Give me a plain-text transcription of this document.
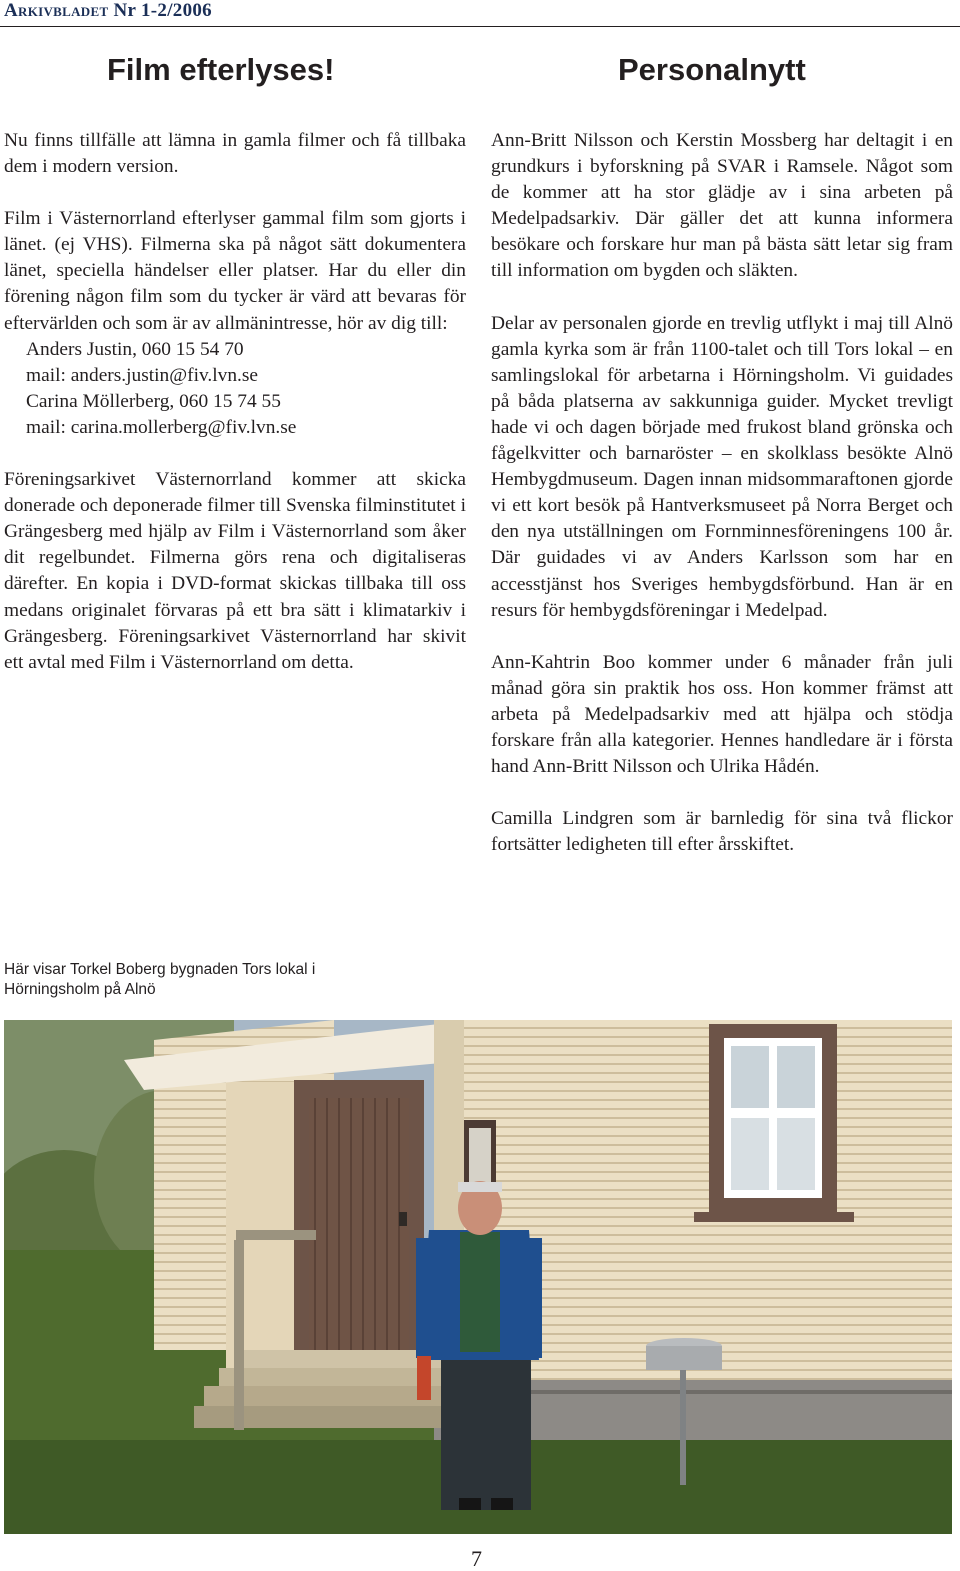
Arkivbladet Nr 1-2/2006
Film efterlyses!	Personalnytt

Nu finns tillfälle att lämna in gamla filmer och få tillbaka dem i modern version.

Film i Västernorrland efterlyser gammal film som gjorts i länet. (ej VHS). Filmerna ska på något sätt dokumentera länet, speciella händelser eller platser. Har du eller din förening någon film som du tycker är värd att bevaras för eftervärlden och som är av allmänintresse, hör av dig till:

Anders Justin, 060 15 54 70

mail: anders.justin@fiv.lvn.se

Carina Möllerberg, 060 15 74 55

mail: carina.mollerberg@fiv.lvn.se

Föreningsarkivet Västernorrland kommer att skicka donerade och deponerade filmer till Svenska filminstitutet i Grängesberg med hjälp av Film i Västernorrland som åker dit regelbundet. Filmerna görs rena och digitaliseras därefter. En kopia i DVD-format skickas tillbaka till oss medans originalet förvaras på ett bra sätt i klimatarkiv i Grängesberg. Föreningsarkivet Västernorrland har skivit ett avtal med Film i Västernorrland om detta.

Ann-Britt Nilsson och Kerstin Mossberg har deltagit i en grundkurs i byforskning på SVAR i Ramsele. Något som de kommer att ha stor glädje av i sina arbeten på Medelpadsarkiv. Där gäller det att kunna informera besökare och forskare hur man på bästa sätt letar sig fram till information om bygden och släkten.

Delar av personalen gjorde en trevlig utflykt i maj till Alnö gamla kyrka som är från 1100-talet och till Tors lokal – en samlingslokal för arbetarna i Hörningsholm. Vi guidades på båda platserna av sakkunniga guider. Mycket trevligt hade vi och dagen började med frukost bland grönska och fågelkvitter och barnaröster – en skolklass besökte Alnö Hembygdmuseum. Dagen innan midsommaraftonen gjorde vi ett kort besök på Hantverksmuseet på Norra Berget och den nya utställningen om Fornminnesföreningens 100 år. Där guidades vi av Anders Karlsson som har en accesstjänst hos Sveriges hembygdsförbund. Han är en resurs för hembygdsföreningar i Medelpad.

Ann-Kahtrin Boo kommer under 6 månader från juli månad göra sin praktik hos oss. Hon kommer främst att arbeta på Medelpadsarkiv med att hjälpa och stödja forskare från alla kategorier. Hennes handledare är i första hand Ann-Britt Nilsson och Ulrika Hådén.

Camilla Lindgren som är barnledig för sina två flickor fortsätter ledigheten till efter årsskiftet.

Här visar Torkel Boberg bygnaden Tors lokal i Hörningsholm på Alnö
7
